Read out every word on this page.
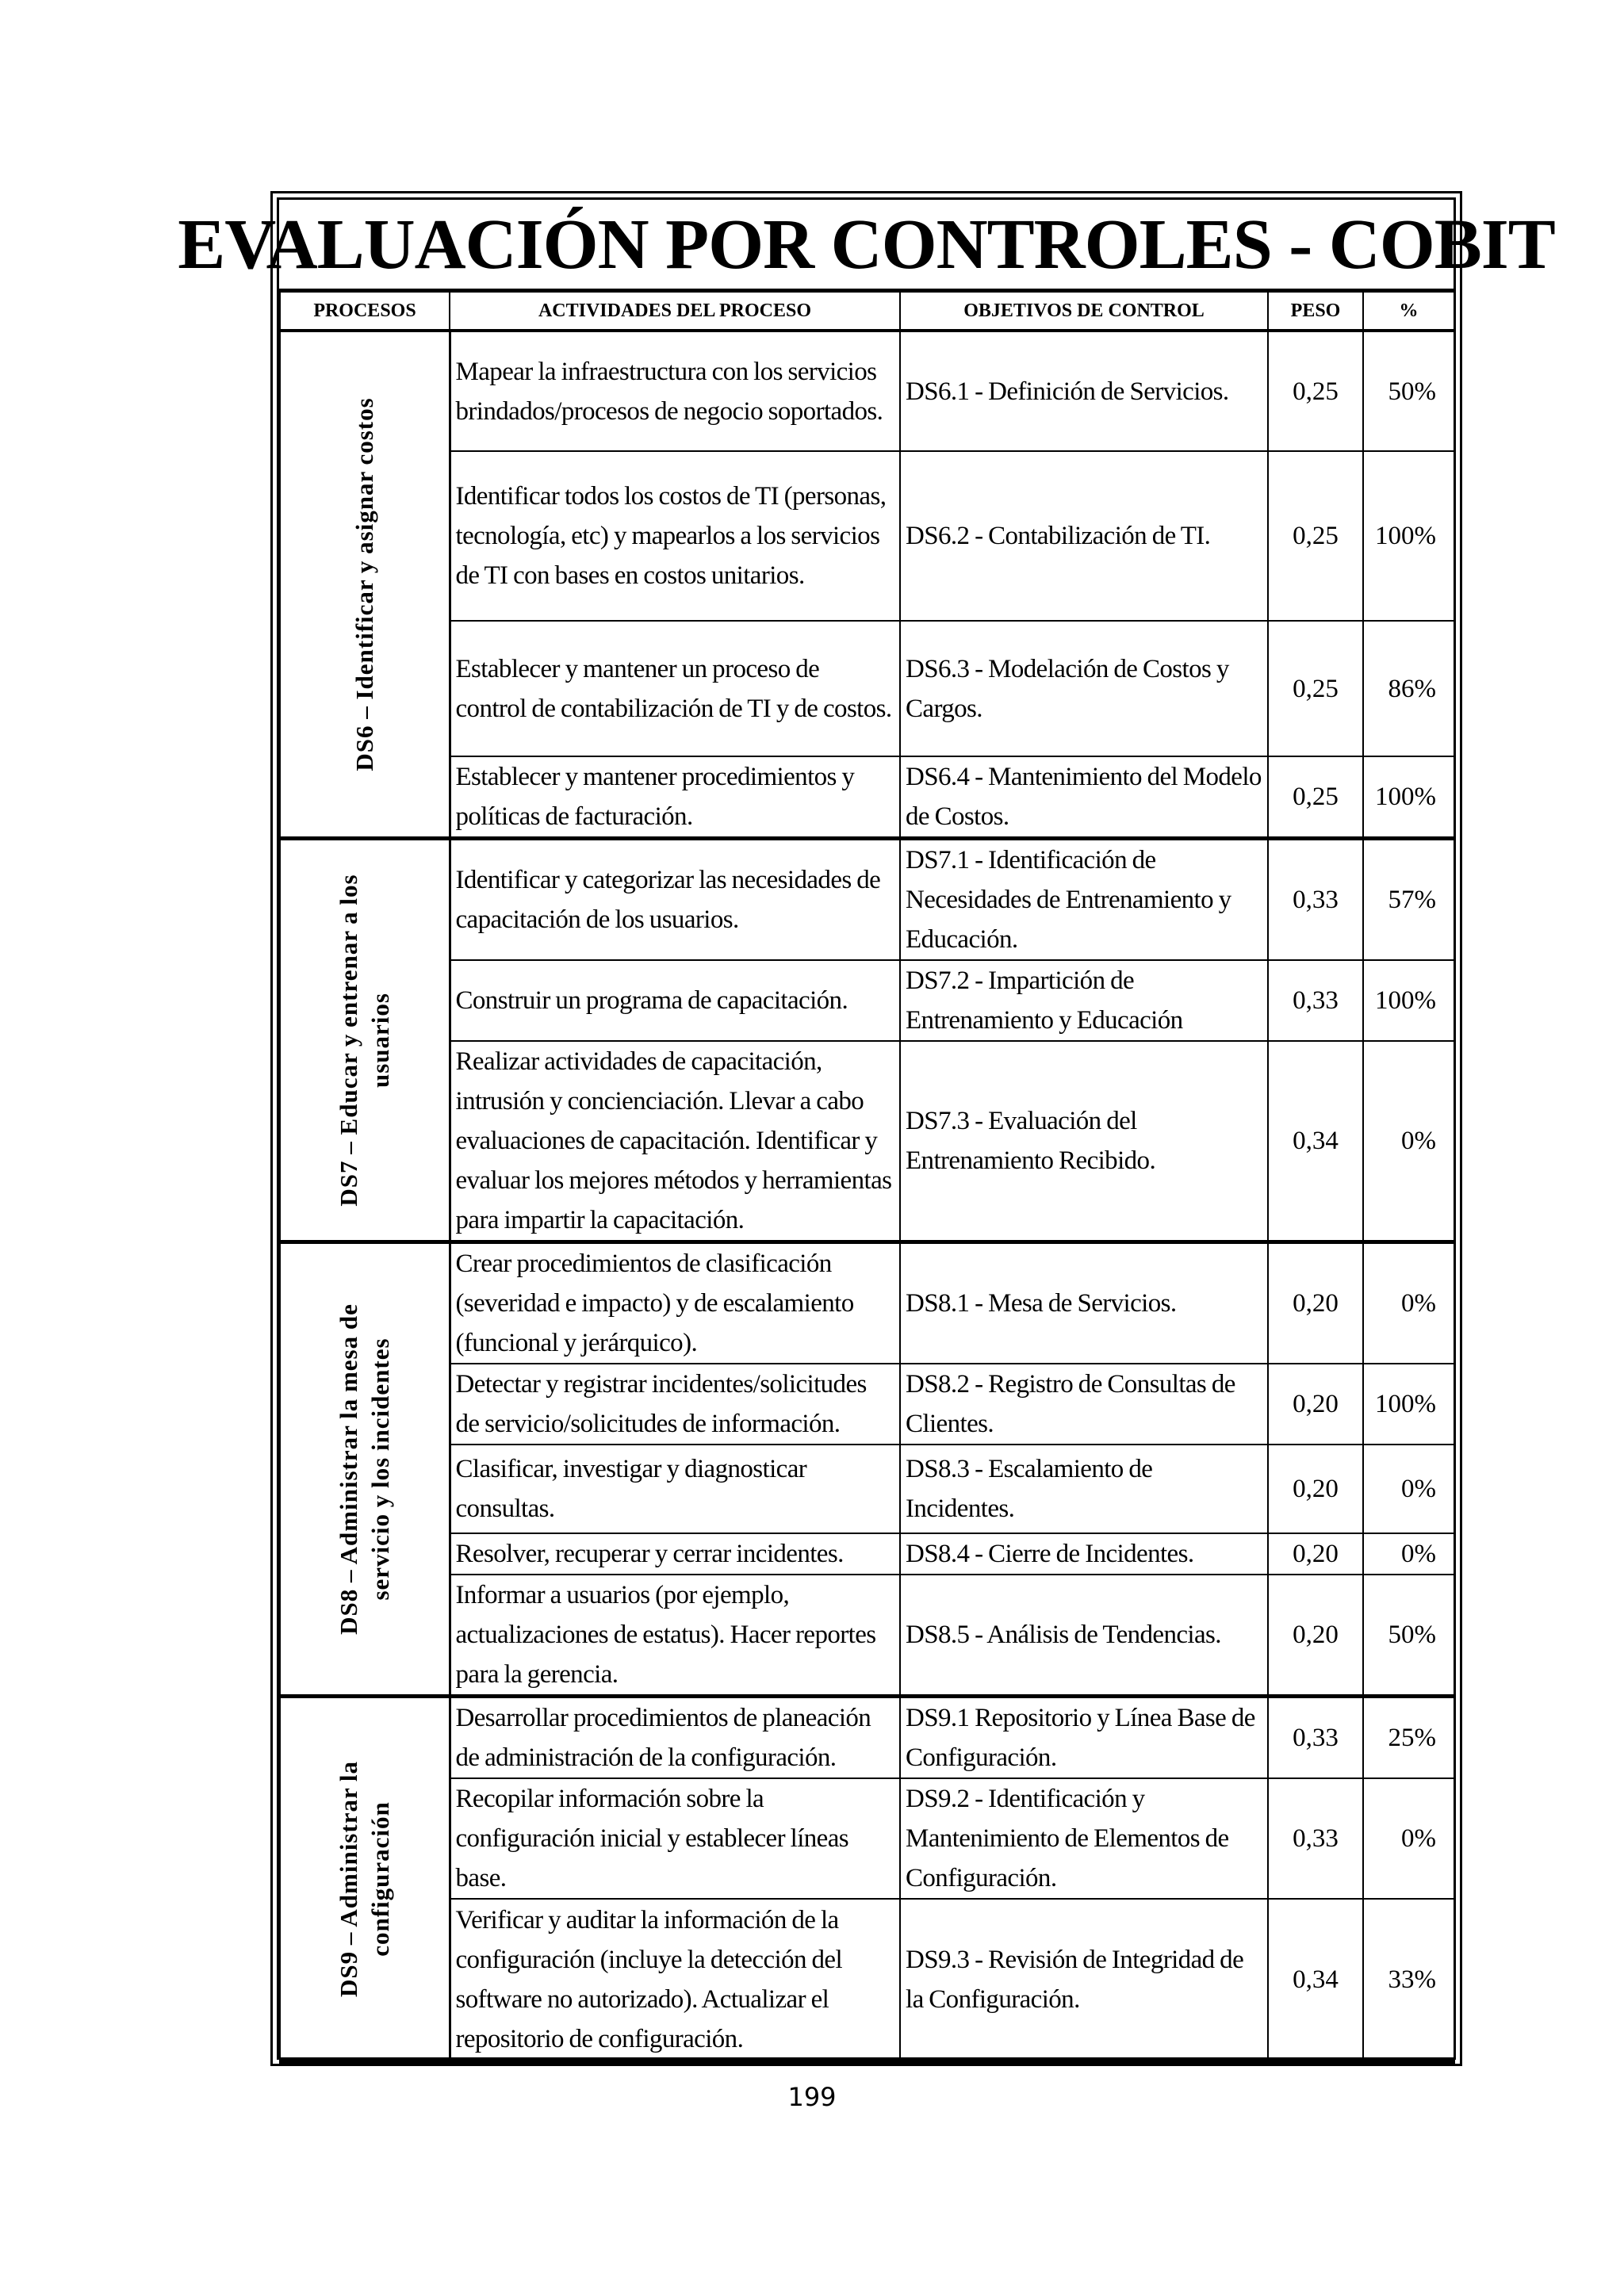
EVALUACIÓN POR CONTROLES - COBIT
PROCESOS	ACTIVIDADES DEL PROCESO	OBJETIVOS DE CONTROL	PESO	%

DS6 – Identificar y asignar costos	Mapear la infraestructura con los servicios brindados/procesos de negocio soportados.	DS6.1 - Definición de Servicios.	0,25	50%
	Identificar todos los costos de TI (personas, tecnología, etc) y mapearlos a los servicios de TI con bases en costos unitarios.	DS6.2 - Contabilización de TI.	0,25	100%
	Establecer y mantener un proceso de control de contabilización de TI y de costos.	DS6.3 - Modelación de Costos y Cargos.	0,25	86%
	Establecer y mantener procedimientos y políticas de facturación.	DS6.4 - Mantenimiento del Modelo de Costos.	0,25	100%

DS7 – Educar y entrenar a los usuarios	Identificar y categorizar las necesidades de capacitación de los usuarios.	DS7.1 - Identificación de Necesidades de Entrenamiento y Educación.	0,33	57%
	Construir un programa de capacitación.	DS7.2 - Impartición de Entrenamiento y Educación	0,33	100%
	Realizar actividades de capacitación, intrusión y concienciación. Llevar a cabo evaluaciones de capacitación. Identificar y evaluar los mejores métodos y herramientas para impartir la capacitación.	DS7.3 - Evaluación del Entrenamiento Recibido.	0,34	0%

DS8 – Administrar la mesa de servicio y los incidentes	Crear procedimientos de clasificación (severidad e impacto) y de escalamiento (funcional y jerárquico).	DS8.1 - Mesa de Servicios.	0,20	0%
	Detectar y registrar incidentes/solicitudes de servicio/solicitudes de información.	DS8.2 - Registro de Consultas de Clientes.	0,20	100%
	Clasificar, investigar y diagnosticar consultas.	DS8.3 - Escalamiento de Incidentes.	0,20	0%
	Resolver, recuperar y cerrar incidentes.	DS8.4 - Cierre de Incidentes.	0,20	0%
	Informar a usuarios (por ejemplo, actualizaciones de estatus). Hacer reportes para la gerencia.	DS8.5 - Análisis de Tendencias.	0,20	50%

DS9 – Administrar la configuración	Desarrollar procedimientos de planeación de administración de la configuración.	DS9.1 Repositorio y Línea Base de Configuración.	0,33	25%
	Recopilar información sobre la configuración inicial y establecer líneas base.	DS9.2 - Identificación y Mantenimiento de Elementos de Configuración.	0,33	0%
	Verificar y auditar la información de la configuración (incluye la detección del software no autorizado). Actualizar el repositorio de configuración.	DS9.3 - Revisión de Integridad de la Configuración.	0,34	33%
199
